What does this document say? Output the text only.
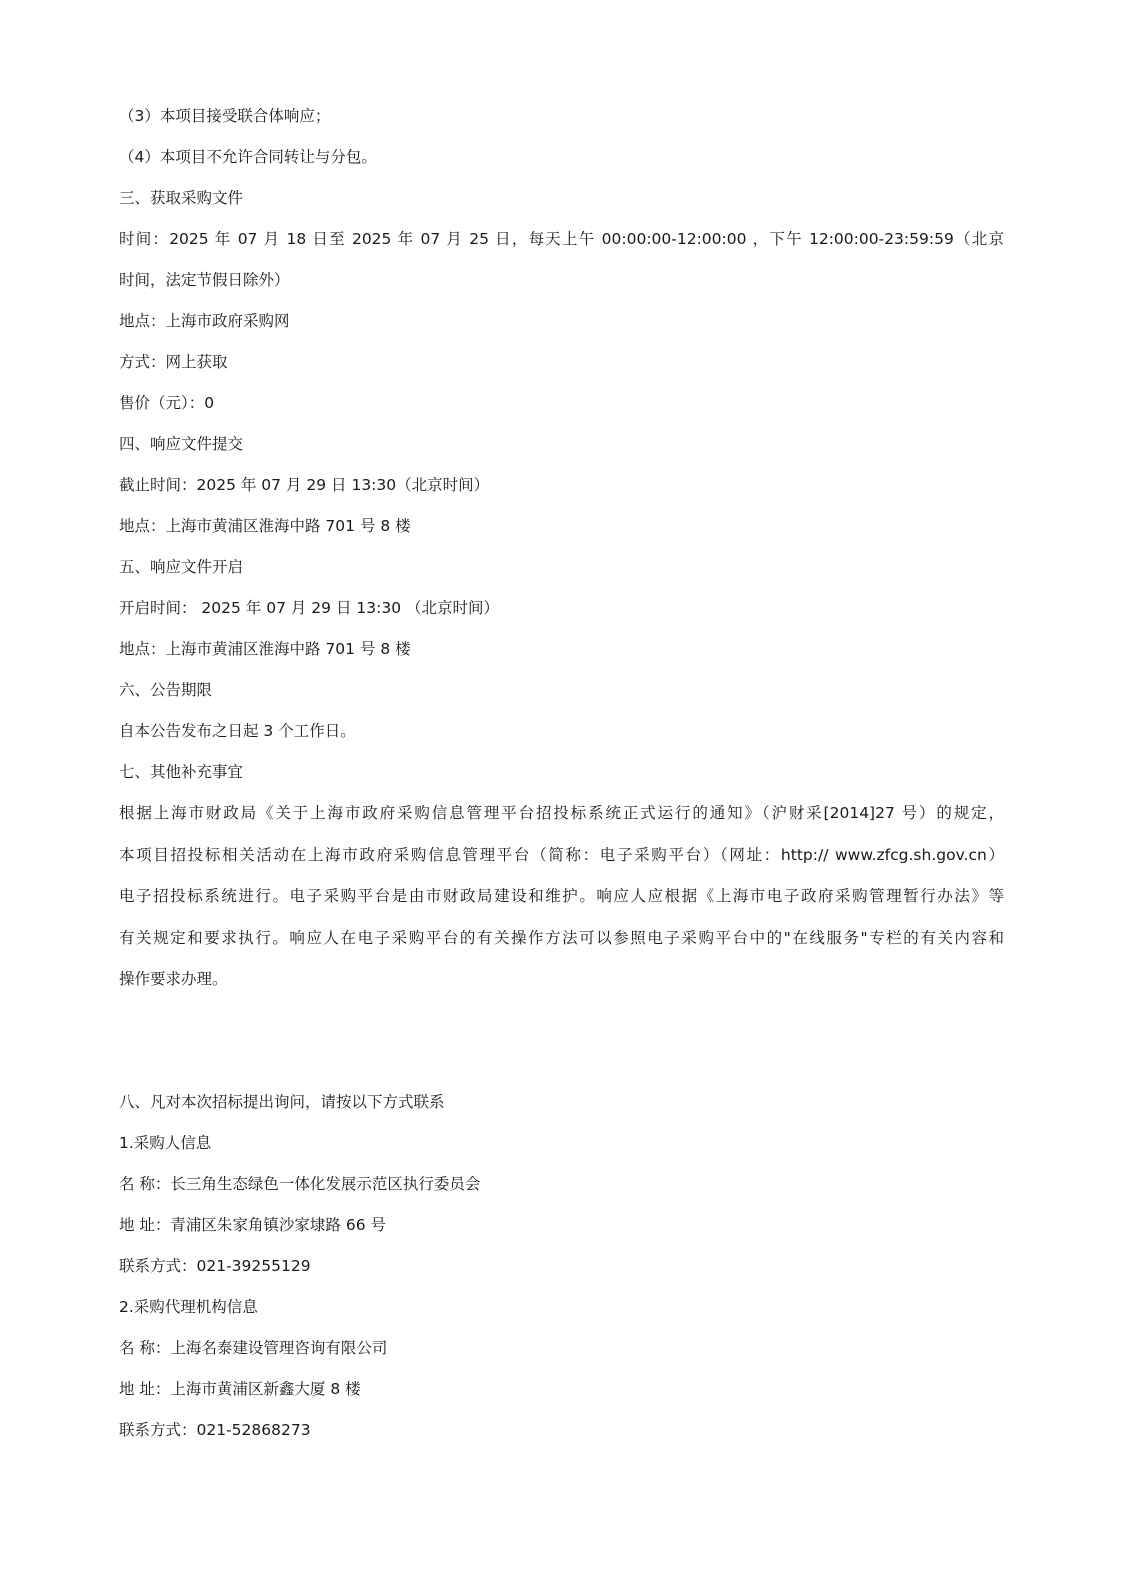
（3）本项目接受联合体响应；
（4）本项目不允许合同转让与分包。
三、获取采购文件
时间：2025 年 07 月 18 日至 2025 年 07 月 25 日，每天上午 00:00:00-12:00:00 ，下午 12:00:00-23:59:59（北京
时间，法定节假日除外）
地点：上海市政府采购网
方式：网上获取
售价（元）：0
四、响应文件提交
截止时间：2025 年 07 月 29 日 13:30（北京时间）
地点：上海市黄浦区淮海中路 701 号 8 楼
五、响应文件开启
开启时间： 2025 年 07 月 29 日 13:30 （北京时间）
地点：上海市黄浦区淮海中路 701 号 8 楼
六、公告期限
自本公告发布之日起 3 个工作日。
七、其他补充事宜
根据上海市财政局《关于上海市政府采购信息管理平台招投标系统正式运行的通知》（沪财采[2014]27 号）的规定，
本项目招投标相关活动在上海市政府采购信息管理平台（简称：电子采购平台）（网址：http:// www.zfcg.sh.gov.cn）
电子招投标系统进行。电子采购平台是由市财政局建设和维护。响应人应根据《上海市电子政府采购管理暂行办法》等
有关规定和要求执行。响应人在电子采购平台的有关操作方法可以参照电子采购平台中的"在线服务"专栏的有关内容和
操作要求办理。
八、凡对本次招标提出询问，请按以下方式联系
1.采购人信息
名 称：长三角生态绿色一体化发展示范区执行委员会
地 址：青浦区朱家角镇沙家埭路 66 号
联系方式：021-39255129
2.采购代理机构信息
名 称：上海名泰建设管理咨询有限公司
地 址：上海市黄浦区新鑫大厦 8 楼
联系方式：021-52868273
